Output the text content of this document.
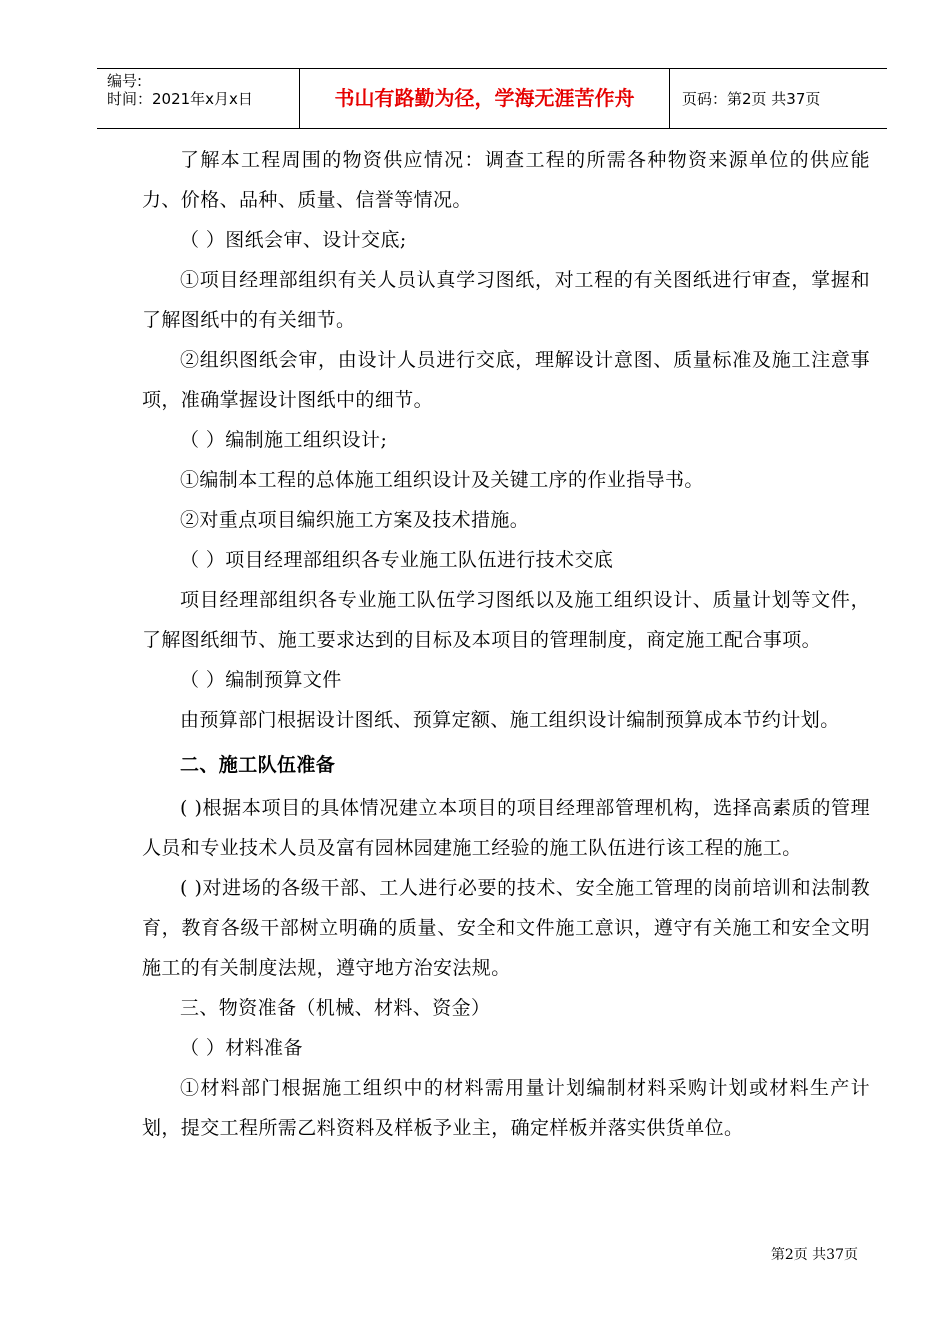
编号:
时间：2021年x月x日	书山有路勤为径，学海无涯苦作舟	页码：第2页 共37页

了解本工程周围的物资供应情况：调查工程的所需各种物资来源单位的供应能力、价格、品种、质量、信誉等情况。

（ ）图纸会审、设计交底;

①项目经理部组织有关人员认真学习图纸，对工程的有关图纸进行审查，掌握和了解图纸中的有关细节。

②组织图纸会审，由设计人员进行交底，理解设计意图、质量标准及施工注意事项，准确掌握设计图纸中的细节。

（ ）编制施工组织设计;

①编制本工程的总体施工组织设计及关键工序的作业指导书。

②对重点项目编织施工方案及技术措施。

（ ）项目经理部组织各专业施工队伍进行技术交底

项目经理部组织各专业施工队伍学习图纸以及施工组织设计、质量计划等文件，了解图纸细节、施工要求达到的目标及本项目的管理制度，商定施工配合事项。

（ ）编制预算文件

由预算部门根据设计图纸、预算定额、施工组织设计编制预算成本节约计划。

二、施工队伍准备

( )根据本项目的具体情况建立本项目的项目经理部管理机构，选择高素质的管理人员和专业技术人员及富有园林园建施工经验的施工队伍进行该工程的施工。

( )对进场的各级干部、工人进行必要的技术、安全施工管理的岗前培训和法制教育，教育各级干部树立明确的质量、安全和文件施工意识，遵守有关施工和安全文明施工的有关制度法规，遵守地方治安法规。

三、物资准备（机械、材料、资金）

（ ）材料准备

①材料部门根据施工组织中的材料需用量计划编制材料采购计划或材料生产计划，提交工程所需乙料资料及样板予业主，确定样板并落实供货单位。

第2页 共37页
